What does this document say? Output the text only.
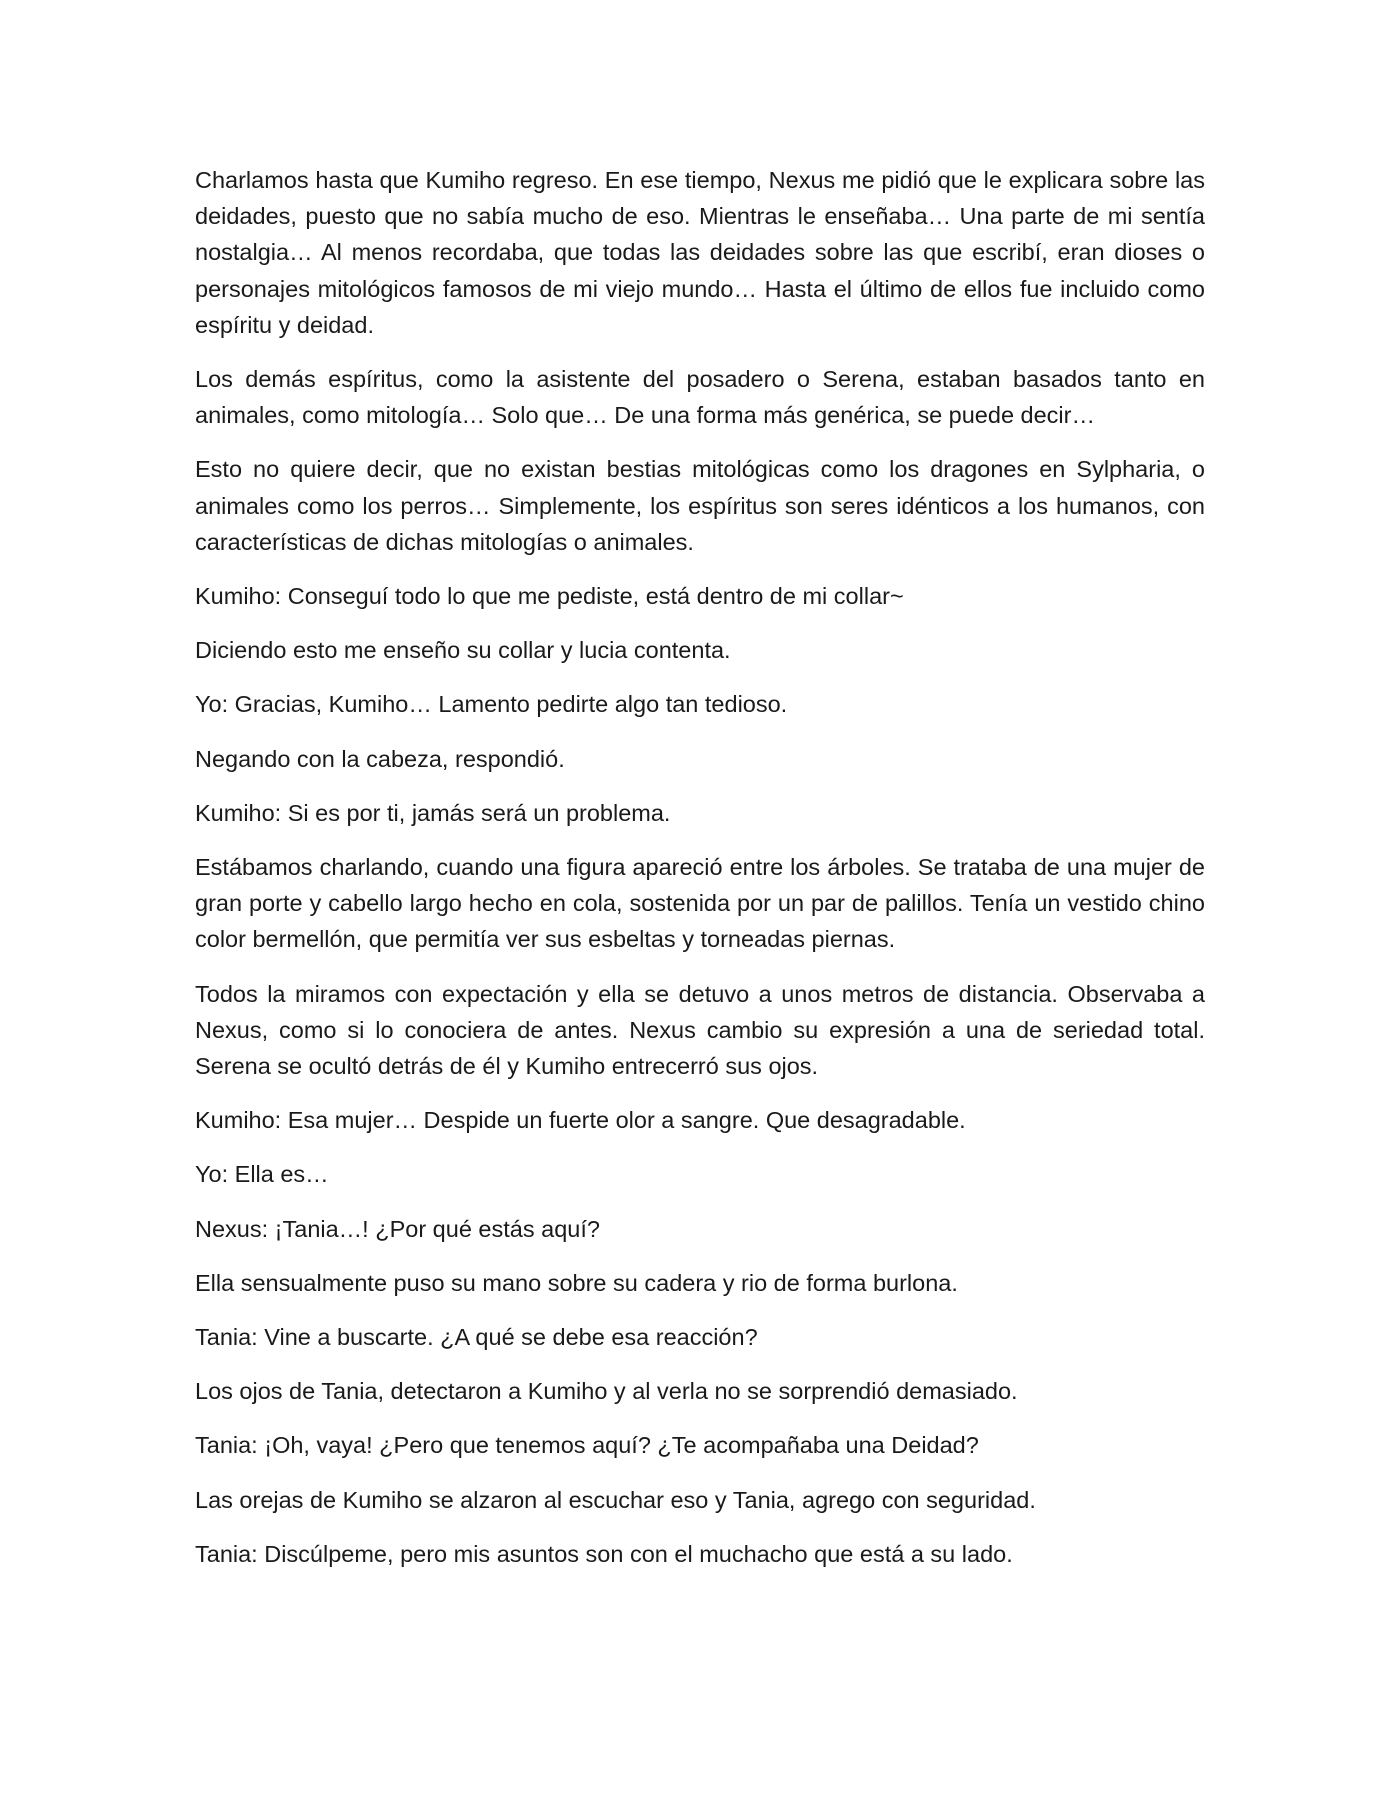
Charlamos hasta que Kumiho regreso. En ese tiempo, Nexus me pidió que le explicara sobre las deidades, puesto que no sabía mucho de eso. Mientras le enseñaba… Una parte de mi sentía nostalgia… Al menos recordaba, que todas las deidades sobre las que escribí, eran dioses o personajes mitológicos famosos de mi viejo mundo… Hasta el último de ellos fue incluido como espíritu y deidad.

Los demás espíritus, como la asistente del posadero o Serena, estaban basados tanto en animales, como mitología… Solo que… De una forma más genérica, se puede decir…

Esto no quiere decir, que no existan bestias mitológicas como los dragones en Sylpharia, o animales como los perros… Simplemente, los espíritus son seres idénticos a los humanos, con características de dichas mitologías o animales.

Kumiho: Conseguí todo lo que me pediste, está dentro de mi collar~

Diciendo esto me enseño su collar y lucia contenta.

Yo: Gracias, Kumiho… Lamento pedirte algo tan tedioso.

Negando con la cabeza, respondió.

Kumiho: Si es por ti, jamás será un problema.

Estábamos charlando, cuando una figura apareció entre los árboles. Se trataba de una mujer de gran porte y cabello largo hecho en cola, sostenida por un par de palillos. Tenía un vestido chino color bermellón, que permitía ver sus esbeltas y torneadas piernas.

Todos la miramos con expectación y ella se detuvo a unos metros de distancia. Observaba a Nexus, como si lo conociera de antes. Nexus cambio su expresión a una de seriedad total. Serena se ocultó detrás de él y Kumiho entrecerró sus ojos.

Kumiho: Esa mujer… Despide un fuerte olor a sangre. Que desagradable.

Yo: Ella es…

Nexus: ¡Tania…! ¿Por qué estás aquí?

Ella sensualmente puso su mano sobre su cadera y rio de forma burlona.

Tania: Vine a buscarte. ¿A qué se debe esa reacción?

Los ojos de Tania, detectaron a Kumiho y al verla no se sorprendió demasiado.

Tania: ¡Oh, vaya! ¿Pero que tenemos aquí? ¿Te acompañaba una Deidad?

Las orejas de Kumiho se alzaron al escuchar eso y Tania, agrego con seguridad.

Tania: Discúlpeme, pero mis asuntos son con el muchacho que está a su lado.
